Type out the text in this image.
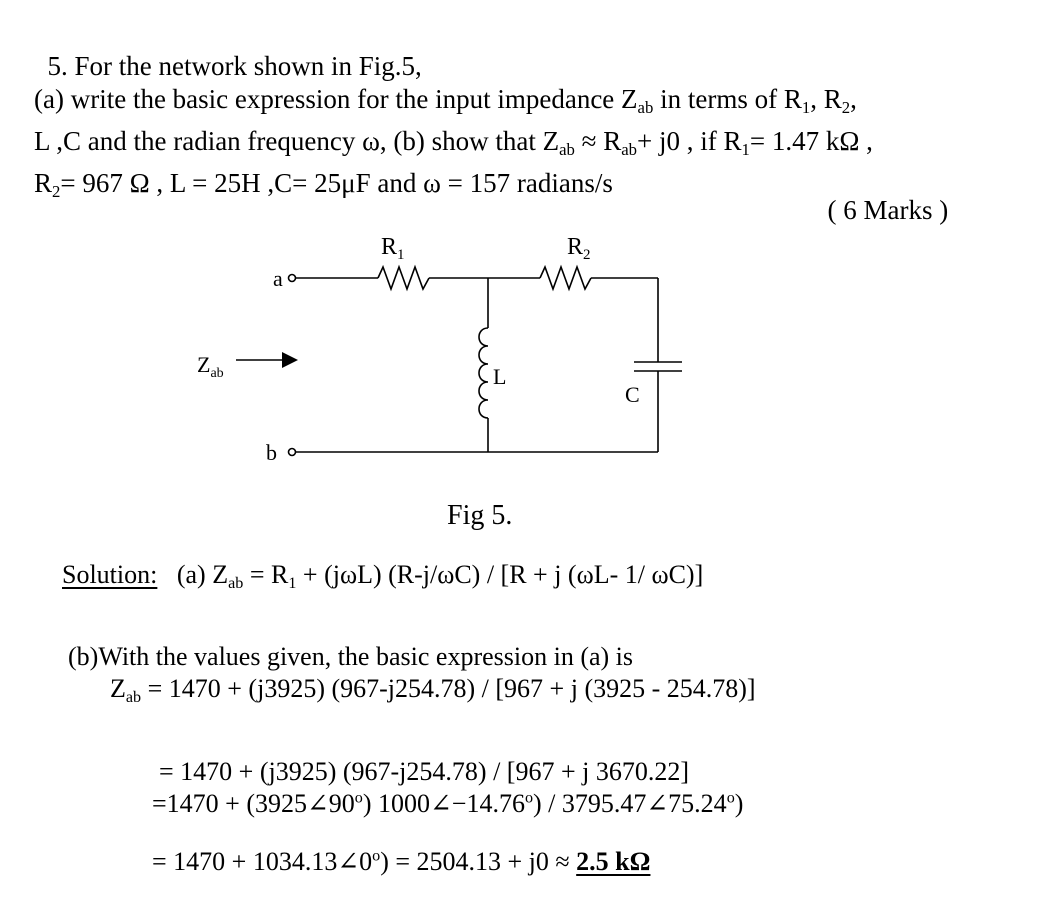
5. For the network shown in Fig.5,

(a) write the basic expression for the input impedance $Z_{ab}$ in terms of $R_1$, $R_2$,
L ,C and the radian frequency ω, (b) show that $Z_{ab} \approx R_{ab}+ j0$ , if $R_1= 1.47$ kΩ ,
$R_2= 967$ Ω , L = 25H ,C= 25μF and ω = 157 radians/s

( 6 Marks )

$R_1$	$R_2$
a
b
$Z_{ab}$	L
C
Fig 5.
Solution: (a) $Z_{ab} = R_1 + (j\omega L)$ (R-j/ωC) / [R + j (ωL- 1/ ωC)]

(b)With the values given, the basic expression in (a) is

$Z_{ab} = 1470 + (j3925)$ (967-j254.78) / [967 + j (3925 - 254.78)]

= 1470 + (j3925) (967-j254.78) / [967 + j 3670.22]

$=1470 + (3925\angle 90^o)$ $1000\angle-14.76^o$) / $3795.47\angle 75.24^o$)
= $1470 + 1034.13\angle 0^o) = 2504.13 + j0 \approx 2.5$ kΩ
